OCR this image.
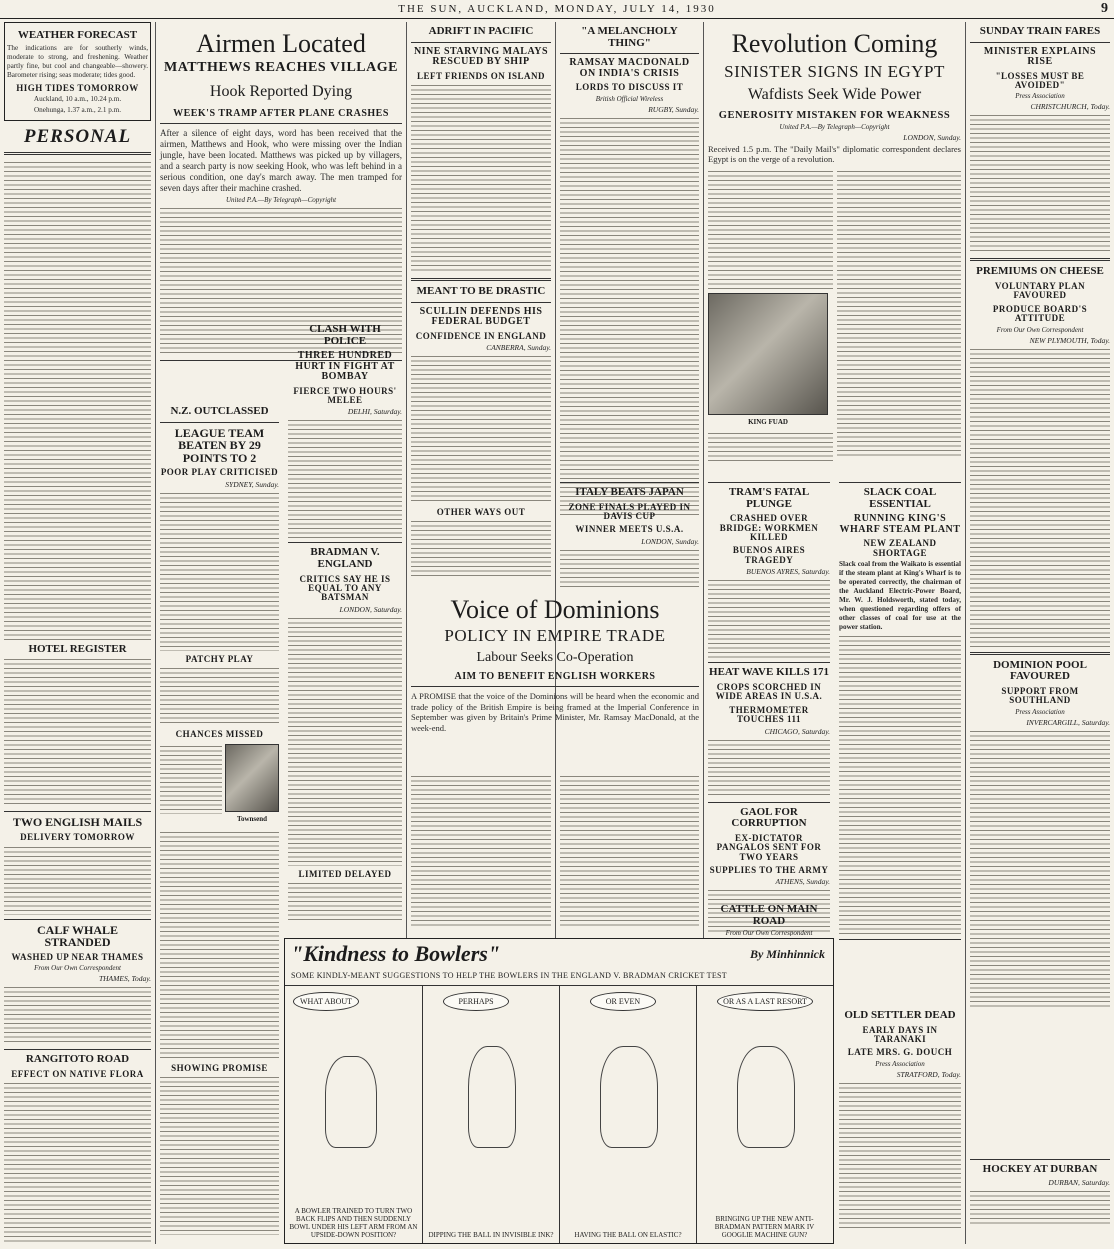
THE SUN, AUCKLAND, MONDAY, JULY 14, 1930	9
WEATHER FORECAST

The indications are for southerly winds, moderate to strong, and freshening. Weather partly fine, but cool and changeable—showery. Barometer rising; seas moderate; tides good.

HIGH TIDES TOMORROW

Auckland, 10 a.m., 10.24 p.m.

Onehunga, 1.37 a.m., 2.1 p.m.

PERSONAL
HOTEL REGISTER
TWO ENGLISH MAILS
DELIVERY TOMORROW
CALF WHALE STRANDED
WASHED UP NEAR THAMES
From Our Own Correspondent
THAMES, Today.
RANGITOTO ROAD
EFFECT ON NATIVE FLORA
Airmen Located
MATTHEWS REACHES VILLAGE
Hook Reported Dying
WEEK'S TRAMP AFTER PLANE CRASHES

After a silence of eight days, word has been received that the airmen, Matthews and Hook, who were missing over the Indian jungle, have been located. Matthews was picked up by villagers, and a search party is now seeking Hook, who was left behind in a serious condition, one day's march away. The men tramped for seven days after their machine crashed.

United P.A.—By Telegraph—Copyright
N.Z. OUTCLASSED
LEAGUE TEAM BEATEN BY 29 POINTS TO 2
POOR PLAY CRITICISED
SYDNEY, Sunday.
PATCHY PLAY
CHANCES MISSED
Townsend
SHOWING PROMISE
CLASH WITH POLICE
THREE HUNDRED HURT IN FIGHT AT BOMBAY
FIERCE TWO HOURS' MELEE
DELHI, Saturday.
BRADMAN V. ENGLAND
CRITICS SAY HE IS EQUAL TO ANY BATSMAN
LONDON, Saturday.
LIMITED DELAYED
ADRIFT IN PACIFIC
NINE STARVING MALAYS RESCUED BY SHIP
LEFT FRIENDS ON ISLAND
MEANT TO BE DRASTIC
SCULLIN DEFENDS HIS FEDERAL BUDGET
CONFIDENCE IN ENGLAND
CANBERRA, Sunday.
OTHER WAYS OUT
"A MELANCHOLY THING"
RAMSAY MACDONALD ON INDIA'S CRISIS
LORDS TO DISCUSS IT
British Official Wireless
RUGBY, Sunday.
Voice of Dominions
POLICY IN EMPIRE TRADE
Labour Seeks Co-Operation
AIM TO BENEFIT ENGLISH WORKERS

A PROMISE that the voice of the Dominions will be heard when the economic and trade policy of the British Empire is being framed at the Imperial Conference in September was given by Britain's Prime Minister, Mr. Ramsay MacDonald, at the week-end.

Revolution Coming
SINISTER SIGNS IN EGYPT
Wafdists Seek Wide Power
GENEROSITY MISTAKEN FOR WEAKNESS
United P.A.—By Telegraph—Copyright
LONDON, Sunday.

Received 1.5 p.m. The "Daily Mail's" diplomatic correspondent declares Egypt is on the verge of a revolution.

KING FUAD
ITALY BEATS JAPAN
ZONE FINALS PLAYED IN DAVIS CUP
WINNER MEETS U.S.A.
LONDON, Sunday.
TRAM'S FATAL PLUNGE
CRASHED OVER BRIDGE: WORKMEN KILLED
BUENOS AIRES TRAGEDY
BUENOS AYRES, Saturday.
HEAT WAVE KILLS 171
CROPS SCORCHED IN WIDE AREAS IN U.S.A.
THERMOMETER TOUCHES 111
CHICAGO, Saturday.
GAOL FOR CORRUPTION
EX-DICTATOR PANGALOS SENT FOR TWO YEARS
SUPPLIES TO THE ARMY
ATHENS, Sunday.
SLACK COAL ESSENTIAL
RUNNING KING'S WHARF STEAM PLANT
NEW ZEALAND SHORTAGE

Slack coal from the Waikato is essential if the steam plant at King's Wharf is to be operated correctly, the chairman of the Auckland Electric-Power Board, Mr. W. J. Holdsworth, stated today, when questioned regarding offers of other classes of coal for use at the power station.

SUNDAY TRAIN FARES
MINISTER EXPLAINS RISE
"LOSSES MUST BE AVOIDED"
Press Association
CHRISTCHURCH, Today.
PREMIUMS ON CHEESE
VOLUNTARY PLAN FAVOURED
PRODUCE BOARD'S ATTITUDE
From Our Own Correspondent
NEW PLYMOUTH, Today.
DOMINION POOL FAVOURED
SUPPORT FROM SOUTHLAND
Press Association
INVERCARGILL, Saturday.
OLD SETTLER DEAD
EARLY DAYS IN TARANAKI
LATE MRS. G. DOUCH
Press Association
STRATFORD, Today.
HOCKEY AT DURBAN
DURBAN, Saturday.
"Kindness to Bowlers"	By Minhinnick
SOME KINDLY-MEANT SUGGESTIONS TO HELP THE BOWLERS IN THE ENGLAND V. BRADMAN CRICKET TEST
WHAT ABOUT
A BOWLER TRAINED TO TURN TWO BACK FLIPS AND THEN SUDDENLY BOWL UNDER HIS LEFT ARM FROM AN UPSIDE-DOWN POSITION?
PERHAPS
DIPPING THE BALL IN INVISIBLE INK?
OR EVEN
HAVING THE BALL ON ELASTIC?
OR AS A LAST RESORT
BRINGING UP THE NEW ANTI-BRADMAN PATTERN MARK IV GOOGLIE MACHINE GUN?
CATTLE ON MAIN ROAD
From Our Own Correspondent
